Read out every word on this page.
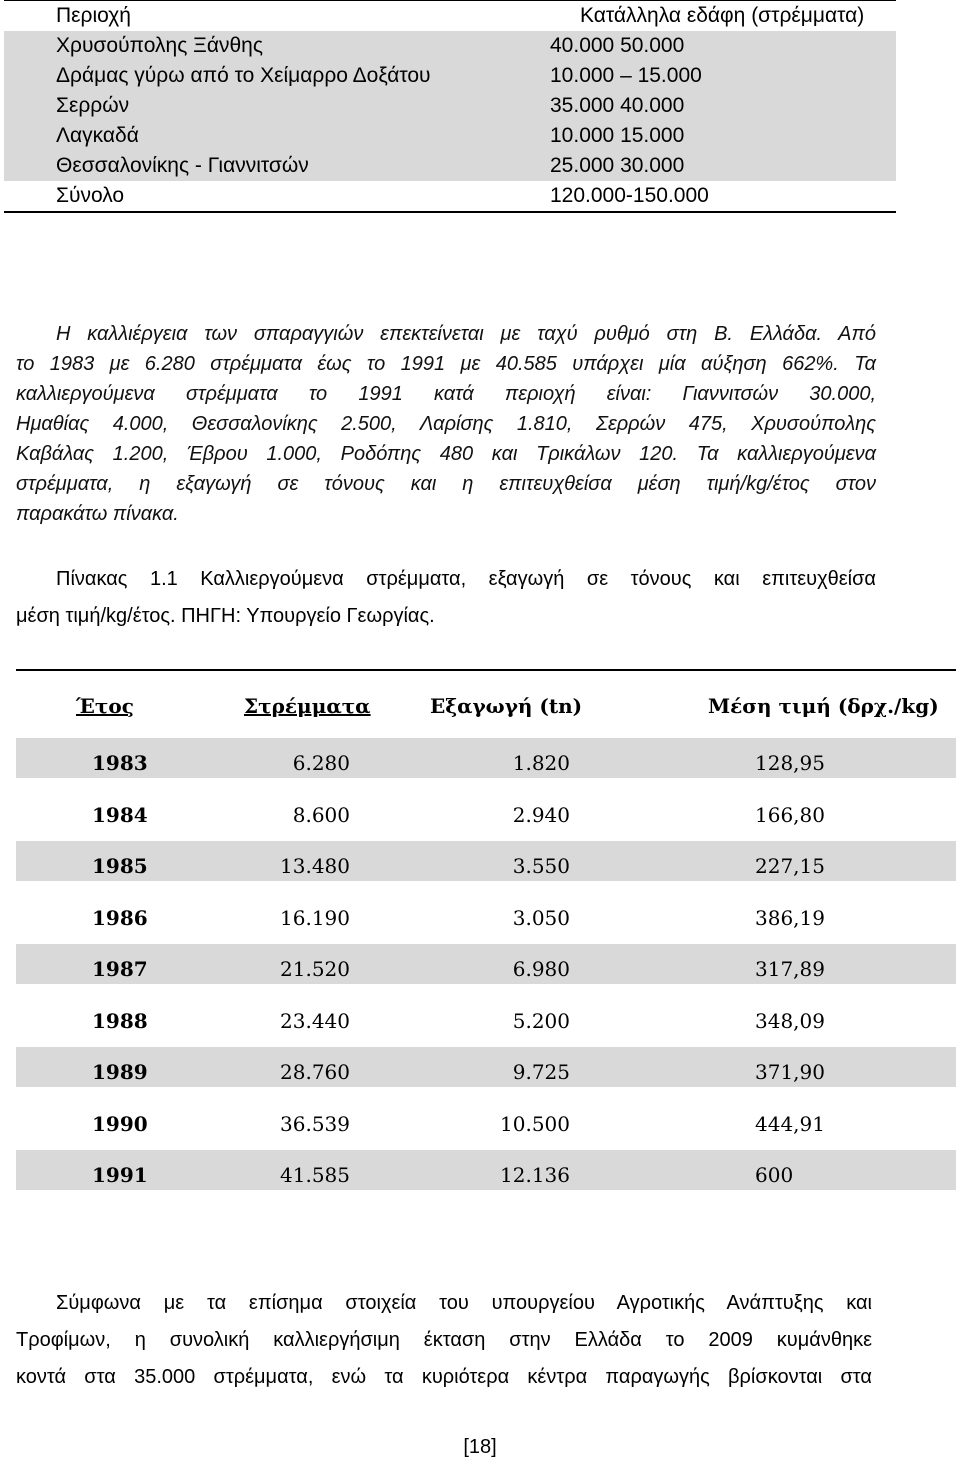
Περιοχή	Κατάλληλα εδάφη (στρέμματα)
Χρυσούπολης Ξάνθης	40.000 50.000
Δράμας γύρω από το Χείμαρρο Δοξάτου	10.000 – 15.000
Σερρών	35.000 40.000
Λαγκαδά	10.000 15.000
Θεσσαλονίκης - Γιαννιτσών	25.000 30.000
Σύνολο	120.000-150.000
Η καλλιέργεια των σπαραγγιών επεκτείνεται με ταχύ ρυθμό στη Β. Ελλάδα. Από
το 1983 με 6.280 στρέμματα έως το 1991 με 40.585 υπάρχει μία αύξηση 662%. Τα
καλλιεργούμενα στρέμματα το 1991 κατά περιοχή είναι: Γιαννιτσών 30.000,
Ημαθίας 4.000, Θεσσαλονίκης 2.500, Λαρίσης 1.810, Σερρών 475, Χρυσούπολης
Καβάλας 1.200, Έβρου 1.000, Ροδόπης 480 και Τρικάλων 120. Τα καλλιεργούμενα
στρέμματα, η εξαγωγή σε τόνους και η επιτευχθείσα μέση τιμή/kg/έτος στον
παρακάτω πίνακα.
Πίνακας 1.1 Καλλιεργούμενα στρέμματα, εξαγωγή σε τόνους και επιτευχθείσα
μέση τιμή/kg/έτος. ΠΗΓΗ: Υπουργείο Γεωργίας.
Έτος	Στρέμματα	Εξαγωγή (tn)	Μέση τιμή (δρχ./kg)
1983	6.280	1.820	128,95
1984	8.600	2.940	166,80
1985	13.480	3.550	227,15
1986	16.190	3.050	386,19
1987	21.520	6.980	317,89
1988	23.440	5.200	348,09
1989	28.760	9.725	371,90
1990	36.539	10.500	444,91
1991	41.585	12.136	600
Σύμφωνα με τα επίσημα στοιχεία του υπουργείου Αγροτικής Ανάπτυξης και
Τροφίμων, η συνολική καλλιεργήσιμη έκταση στην Ελλάδα το 2009 κυμάνθηκε
κοντά στα 35.000 στρέμματα, ενώ τα κυριότερα κέντρα παραγωγής βρίσκονται στα
[18]
